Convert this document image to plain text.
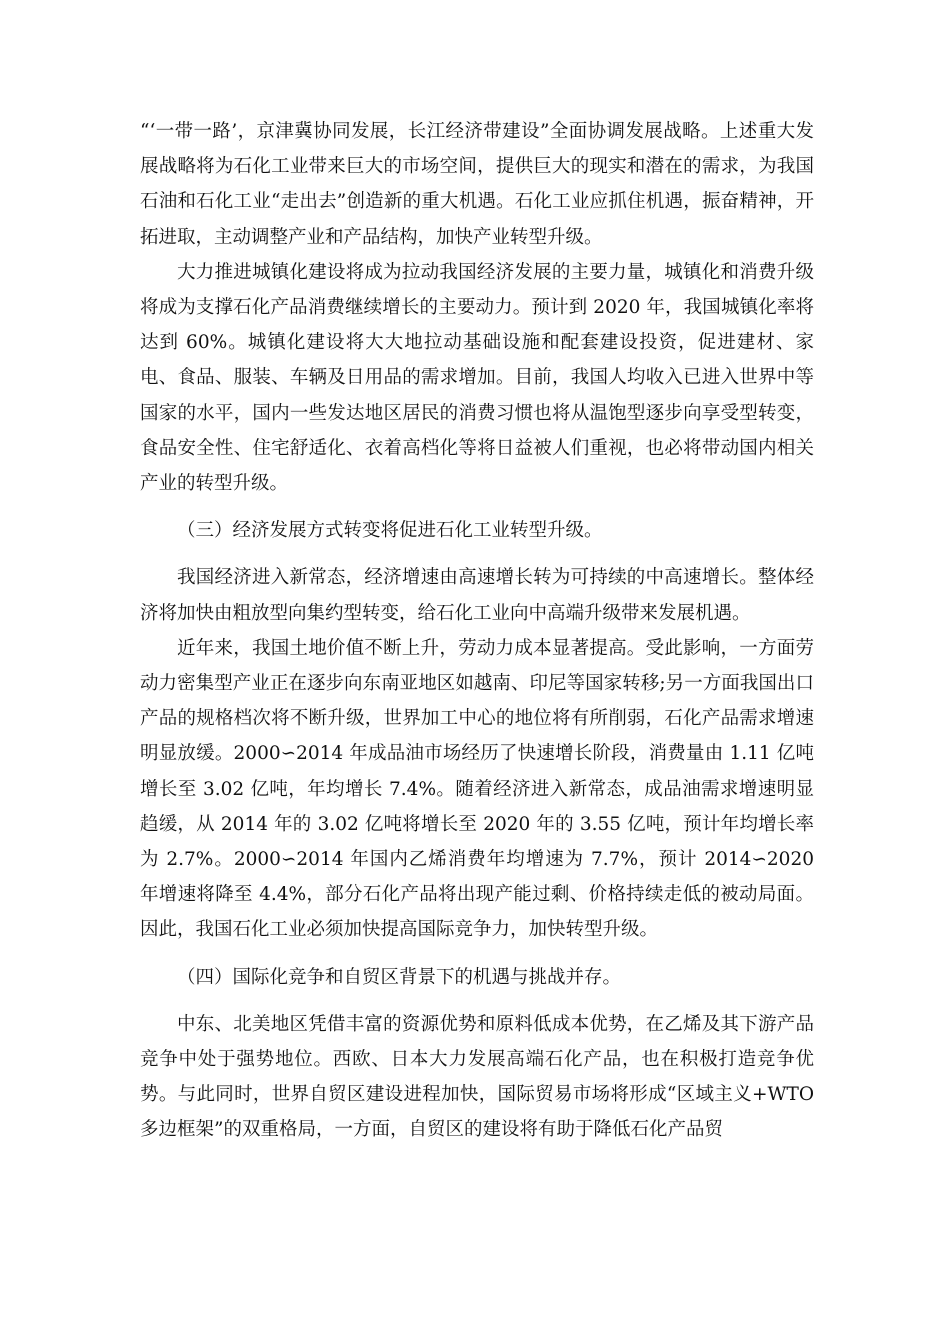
“‘一带一路’，京津冀协同发展，长江经济带建设”全面协调发展战略。上述重大发展战略将为石化工业带来巨大的市场空间，提供巨大的现实和潜在的需求，为我国石油和石化工业“走出去”创造新的重大机遇。石化工业应抓住机遇，振奋精神，开拓进取，主动调整产业和产品结构，加快产业转型升级。

大力推进城镇化建设将成为拉动我国经济发展的主要力量，城镇化和消费升级将成为支撑石化产品消费继续增长的主要动力。预计到 2020 年，我国城镇化率将达到 60%。城镇化建设将大大地拉动基础设施和配套建设投资，促进建材、家电、食品、服装、车辆及日用品的需求增加。目前，我国人均收入已进入世界中等国家的水平，国内一些发达地区居民的消费习惯也将从温饱型逐步向享受型转变，食品安全性、住宅舒适化、衣着高档化等将日益被人们重视，也必将带动国内相关产业的转型升级。

（三）经济发展方式转变将促进石化工业转型升级。

我国经济进入新常态，经济增速由高速增长转为可持续的中高速增长。整体经济将加快由粗放型向集约型转变，给石化工业向中高端升级带来发展机遇。

近年来，我国土地价值不断上升，劳动力成本显著提高。受此影响，一方面劳动力密集型产业正在逐步向东南亚地区如越南、印尼等国家转移;另一方面我国出口产品的规格档次将不断升级，世界加工中心的地位将有所削弱，石化产品需求增速明显放缓。2000∽2014 年成品油市场经历了快速增长阶段，消费量由 1.11 亿吨增长至 3.02 亿吨，年均增长 7.4%。随着经济进入新常态，成品油需求增速明显趋缓，从 2014 年的 3.02 亿吨将增长至 2020 年的 3.55 亿吨，预计年均增长率为 2.7%。2000∽2014 年国内乙烯消费年均增速为 7.7%，预计 2014∽2020 年增速将降至 4.4%，部分石化产品将出现产能过剩、价格持续走低的被动局面。因此，我国石化工业必须加快提高国际竞争力，加快转型升级。

（四）国际化竞争和自贸区背景下的机遇与挑战并存。

中东、北美地区凭借丰富的资源优势和原料低成本优势，在乙烯及其下游产品竞争中处于强势地位。西欧、日本大力发展高端石化产品，也在积极打造竞争优势。与此同时，世界自贸区建设进程加快，国际贸易市场将形成“区域主义+WTO 多边框架”的双重格局，一方面，自贸区的建设将有助于降低石化产品贸
